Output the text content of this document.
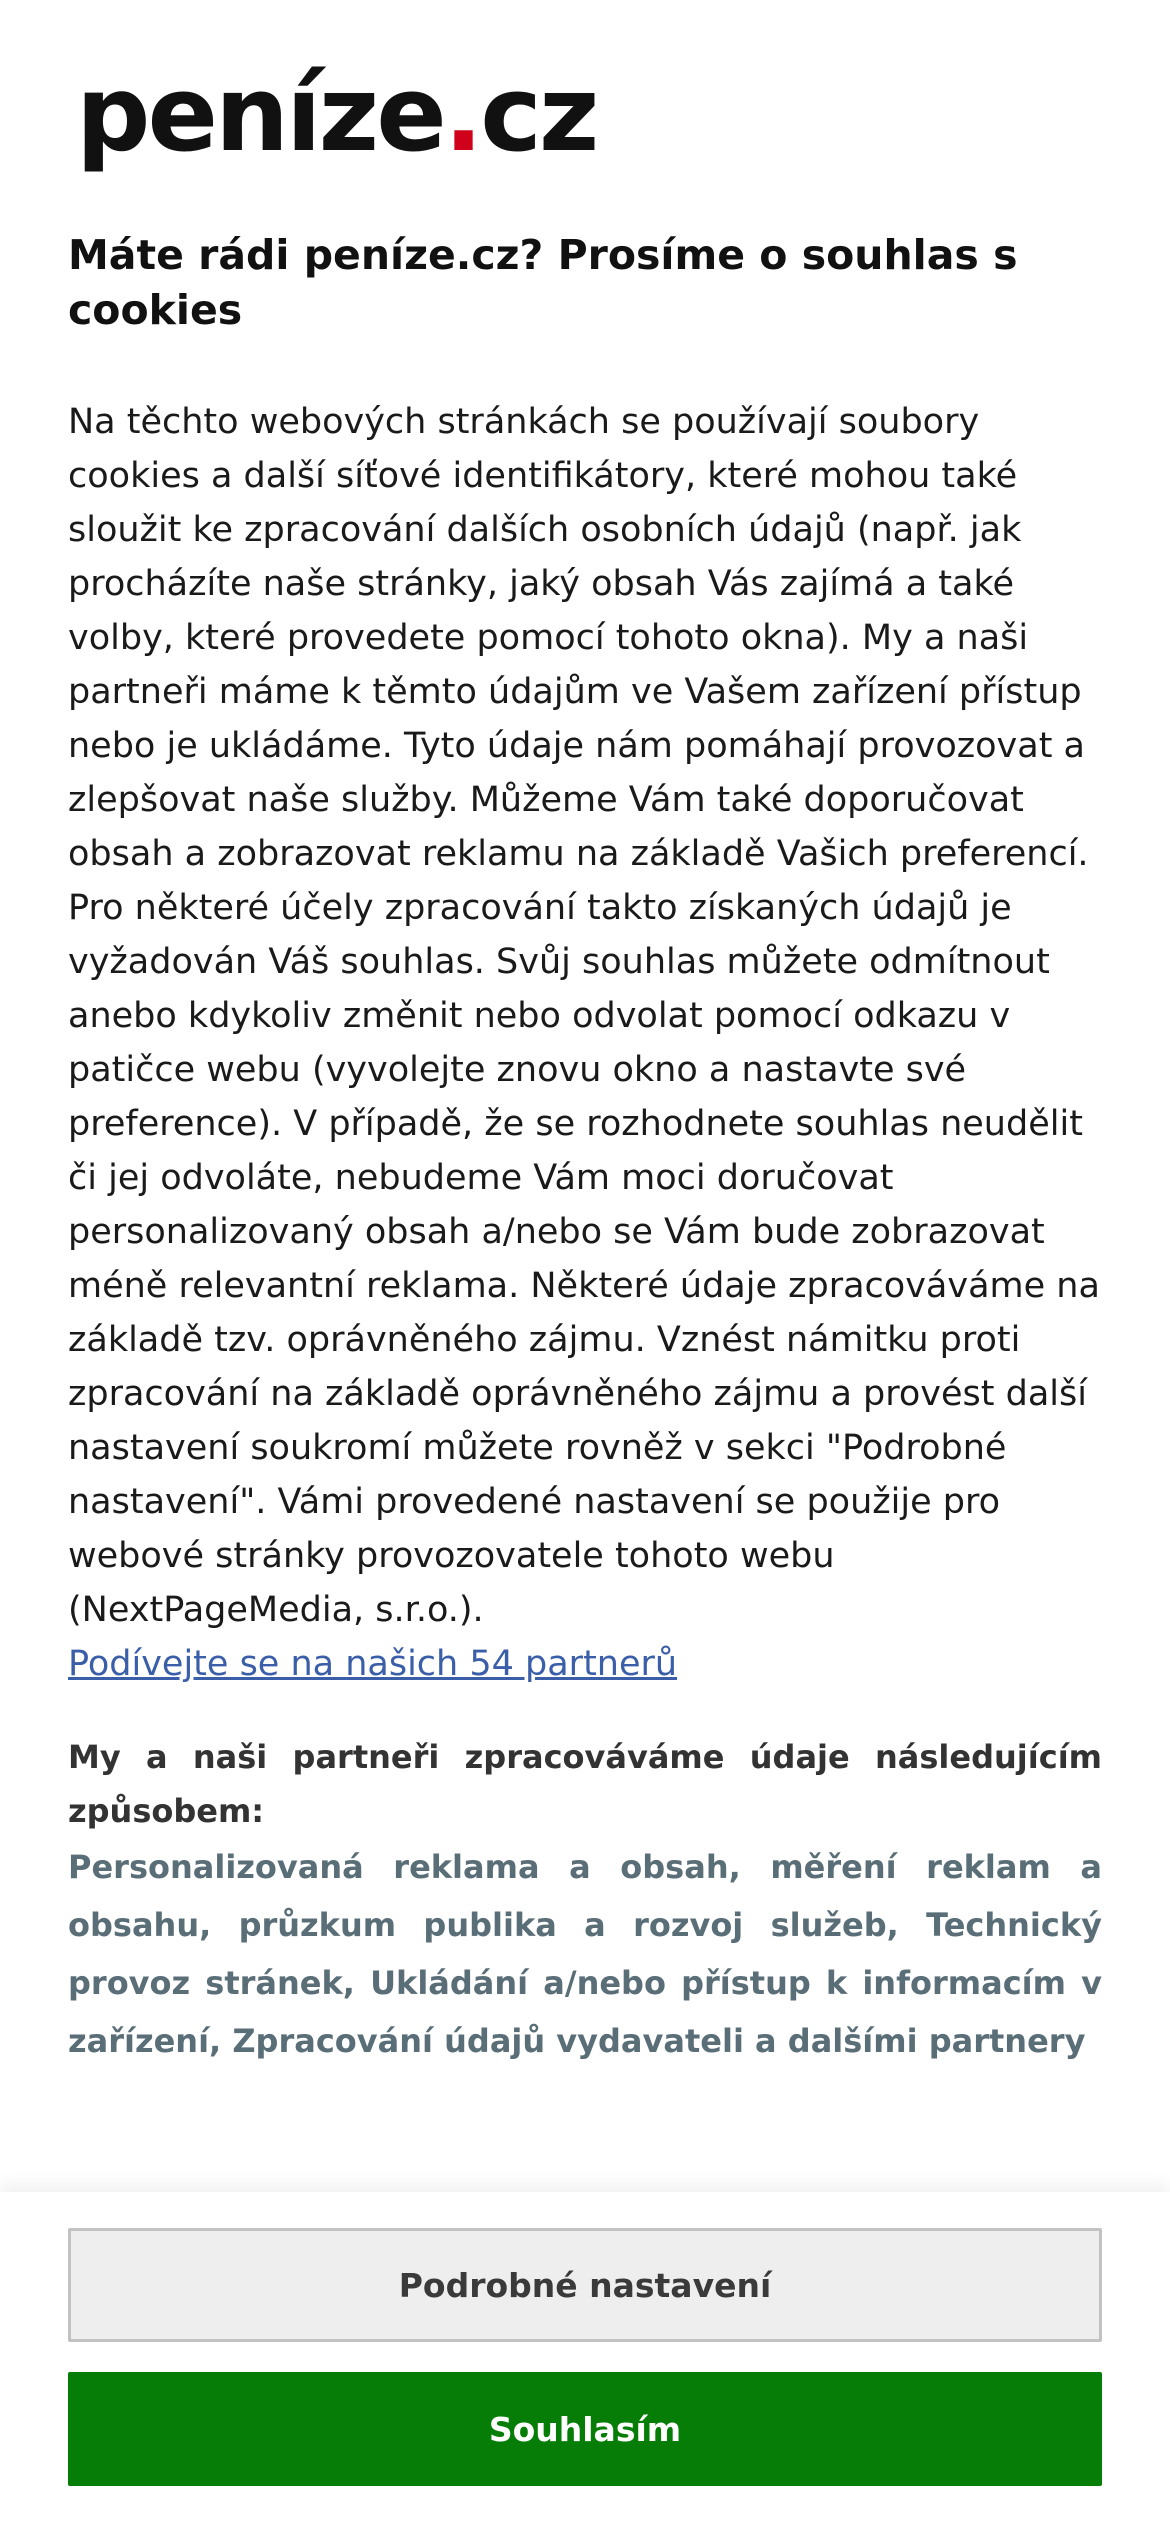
peníze . cz
Máte rádi peníze.cz? Prosíme o souhlas s cookies

Na těchto webových stránkách se používají soubory cookies a další síťové identifikátory, které mohou také sloužit ke zpracování dalších osobních údajů (např. jak procházíte naše stránky, jaký obsah Vás zajímá a také volby, které provedete pomocí tohoto okna). My a naši partneři máme k těmto údajům ve Vašem zařízení přístup nebo je ukládáme. Tyto údaje nám pomáhají provozovat a zlepšovat naše služby. Můžeme Vám také doporučovat obsah a zobrazovat reklamu na základě Vašich preferencí. Pro některé účely zpracování takto získaných údajů je vyžadován Váš souhlas. Svůj souhlas můžete odmítnout anebo kdykoliv změnit nebo odvolat pomocí odkazu v patičce webu (vyvolejte znovu okno a nastavte své preference). V případě, že se rozhodnete souhlas neudělit či jej odvoláte, nebudeme Vám moci doručovat personalizovaný obsah a/nebo se Vám bude zobrazovat méně relevantní reklama. Některé údaje zpracováváme na základě tzv. oprávněného zájmu. Vznést námitku proti zpracování na základě oprávněného zájmu a provést další nastavení soukromí můžete rovněž v sekci "Podrobné nastavení". Vámi provedené nastavení se použije pro webové stránky provozovatele tohoto webu (NextPageMedia, s.r.o.).
Podívejte se na našich 54 partnerů

My a naši partneři zpracováváme údaje následujícím způsobem:
Personalizovaná reklama a obsah, měření reklam a obsahu, průzkum publika a rozvoj služeb, Technický provoz stránek, Ukládání a/nebo přístup k informacím v zařízení, Zpracování údajů vydavateli a dalšími partnery
Podrobné nastavení
Souhlasím
